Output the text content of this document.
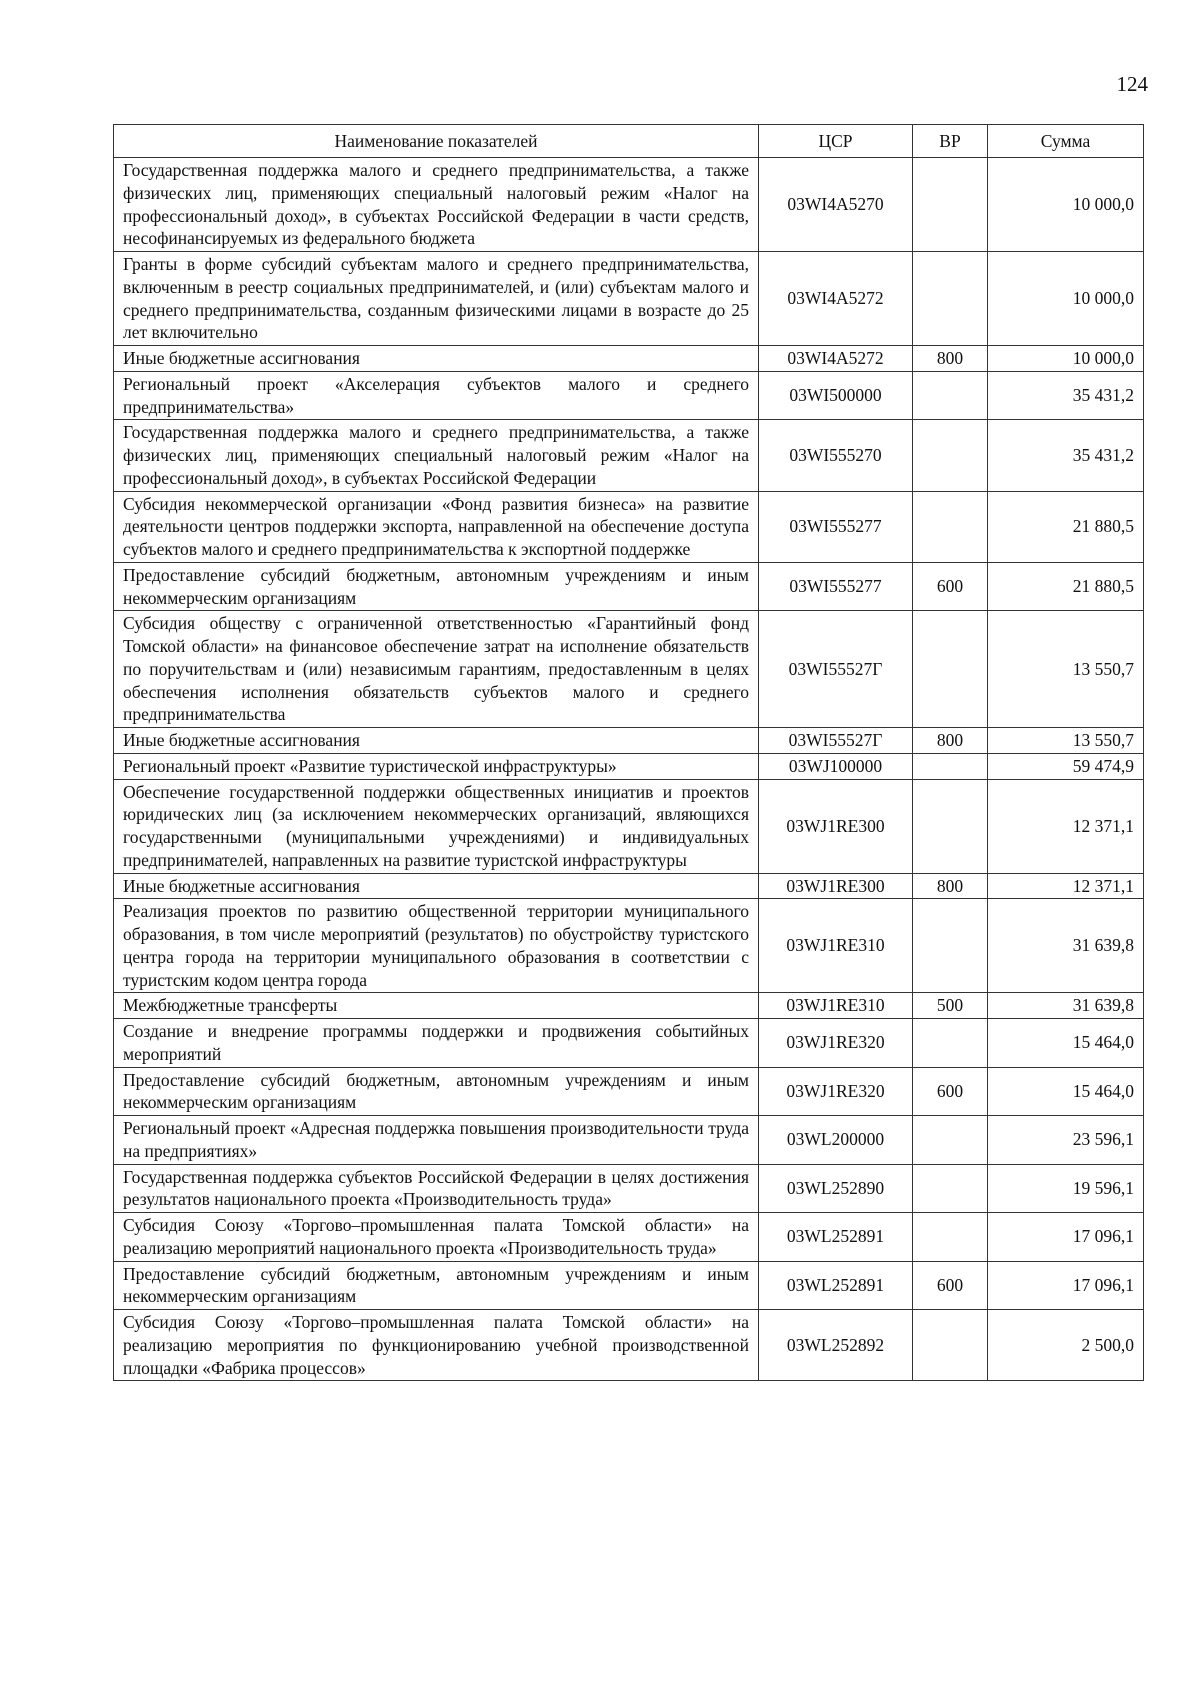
124
Наименование показателей	ЦСР	ВР	Сумма
Государственная поддержка малого и среднего предпринимательства, а также физических лиц, применяющих специальный налоговый режим «Налог на профессиональный доход», в субъектах Российской Федерации в части средств, несофинансируемых из федерального бюджета	03WI4A5270		10 000,0
Гранты в форме субсидий субъектам малого и среднего предпринимательства, включенным в реестр социальных предпринимателей, и (или) субъектам малого и среднего предпринимательства, созданным физическими лицами в возрасте до 25 лет включительно	03WI4A5272		10 000,0
Иные бюджетные ассигнования	03WI4A5272	800	10 000,0
Региональный проект «Акселерация субъектов малого и среднего предпринимательства»	03WI500000		35 431,2
Государственная поддержка малого и среднего предпринимательства, а также физических лиц, применяющих специальный налоговый режим «Налог на профессиональный доход», в субъектах Российской Федерации	03WI555270		35 431,2
Субсидия некоммерческой организации «Фонд развития бизнеса» на развитие деятельности центров поддержки экспорта, направленной на обеспечение доступа субъектов малого и среднего предпринимательства к экспортной поддержке	03WI555277		21 880,5
Предоставление субсидий бюджетным, автономным учреждениям и иным некоммерческим организациям	03WI555277	600	21 880,5
Субсидия обществу с ограниченной ответственностью «Гарантийный фонд Томской области» на финансовое обеспечение затрат на исполнение обязательств по поручительствам и (или) независимым гарантиям, предоставленным в целях обеспечения исполнения обязательств субъектов малого и среднего предпринимательства	03WI55527Г		13 550,7
Иные бюджетные ассигнования	03WI55527Г	800	13 550,7
Региональный проект «Развитие туристической инфраструктуры»	03WJ100000		59 474,9
Обеспечение государственной поддержки общественных инициатив и проектов юридических лиц (за исключением некоммерческих организаций, являющихся государственными (муниципальными учреждениями) и индивидуальных предпринимателей, направленных на развитие туристской инфраструктуры	03WJ1RE300		12 371,1
Иные бюджетные ассигнования	03WJ1RE300	800	12 371,1
Реализация проектов по развитию общественной территории муниципального образования, в том числе мероприятий (результатов) по обустройству туристского центра города на территории муниципального образования в соответствии с туристским кодом центра города	03WJ1RE310		31 639,8
Межбюджетные трансферты	03WJ1RE310	500	31 639,8
Создание и внедрение программы поддержки и продвижения событийных мероприятий	03WJ1RE320		15 464,0
Предоставление субсидий бюджетным, автономным учреждениям и иным некоммерческим организациям	03WJ1RE320	600	15 464,0
Региональный проект «Адресная поддержка повышения производительности труда на предприятиях»	03WL200000		23 596,1
Государственная поддержка субъектов Российской Федерации в целях достижения результатов национального проекта «Производительность труда»	03WL252890		19 596,1
Субсидия Союзу «Торгово–промышленная палата Томской области» на реализацию мероприятий национального проекта «Производительность труда»	03WL252891		17 096,1
Предоставление субсидий бюджетным, автономным учреждениям и иным некоммерческим организациям	03WL252891	600	17 096,1
Субсидия Союзу «Торгово–промышленная палата Томской области» на реализацию мероприятия по функционированию учебной производственной площадки «Фабрика процессов»	03WL252892		2 500,0
